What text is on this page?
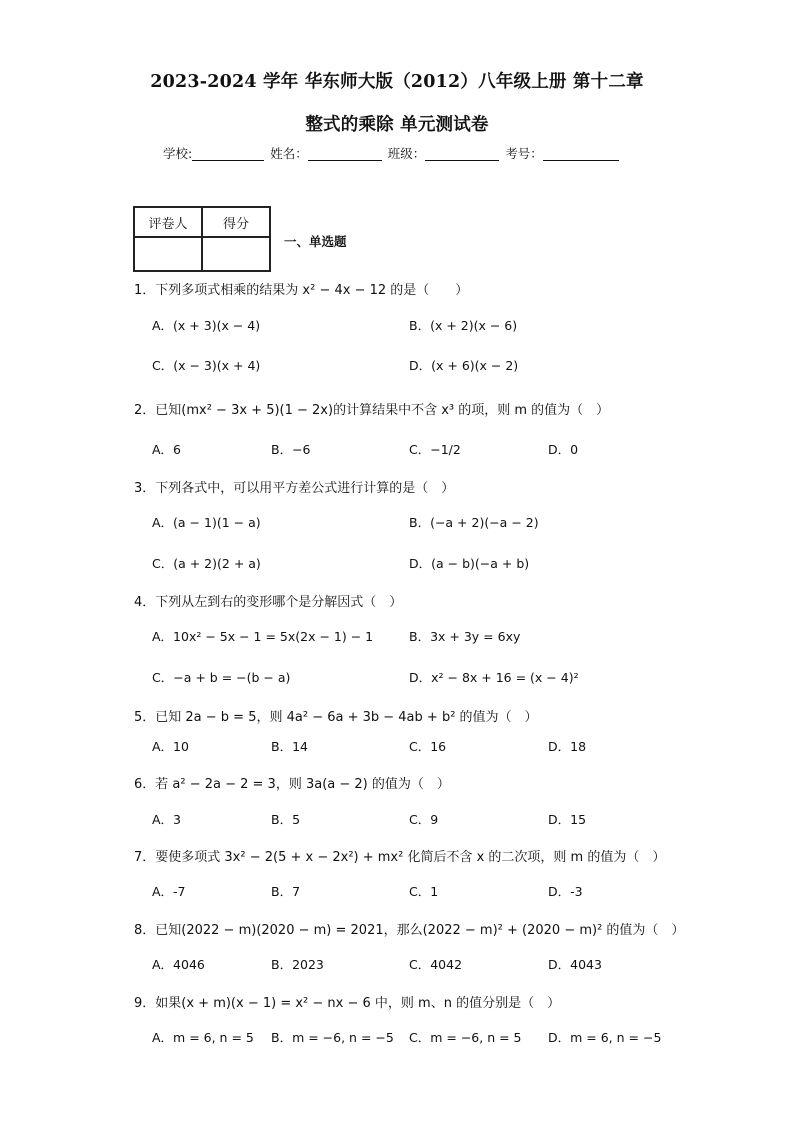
2023-2024 学年 华东师大版（2012）八年级上册 第十二章
整式的乘除 单元测试卷
学校:	姓名：	班级：	考号：
评卷人	得分

一、单选题
1．下列多项式相乘的结果为 x² − 4x − 12 的是（　　）
A．(x + 3)(x − 4)	B．(x + 2)(x − 6)
C．(x − 3)(x + 4)	D．(x + 6)(x − 2)
2．已知(mx² − 3x + 5)(1 − 2x)的计算结果中不含 x³ 的项，则 m 的值为（　）
A．6	B．−6	C．−1/2	D．0
3．下列各式中，可以用平方差公式进行计算的是（　）
A．(a − 1)(1 − a)	B．(−a + 2)(−a − 2)
C．(a + 2)(2 + a)	D．(a − b)(−a + b)
4．下列从左到右的变形哪个是分解因式（　）
A．10x² − 5x − 1 = 5x(2x − 1) − 1	B．3x + 3y = 6xy
C．−a + b = −(b − a)	D．x² − 8x + 16 = (x − 4)²
5．已知 2a − b = 5，则 4a² − 6a + 3b − 4ab + b² 的值为（　）
A．10	B．14	C．16	D．18
6．若 a² − 2a − 2 = 3，则 3a(a − 2) 的值为（　）
A．3	B．5	C．9	D．15
7．要使多项式 3x² − 2(5 + x − 2x²) + mx² 化简后不含 x 的二次项，则 m 的值为（　）
A．-7	B．7	C．1	D．-3
8．已知(2022 − m)(2020 − m) = 2021，那么(2022 − m)² + (2020 − m)² 的值为（　）
A．4046	B．2023	C．4042	D．4043
9．如果(x + m)(x − 1) = x² − nx − 6 中，则 m、n 的值分别是（　）
A．m = 6, n = 5 B．m = −6, n = −5 C．m = −6, n = 5 D．m = 6, n = −5
